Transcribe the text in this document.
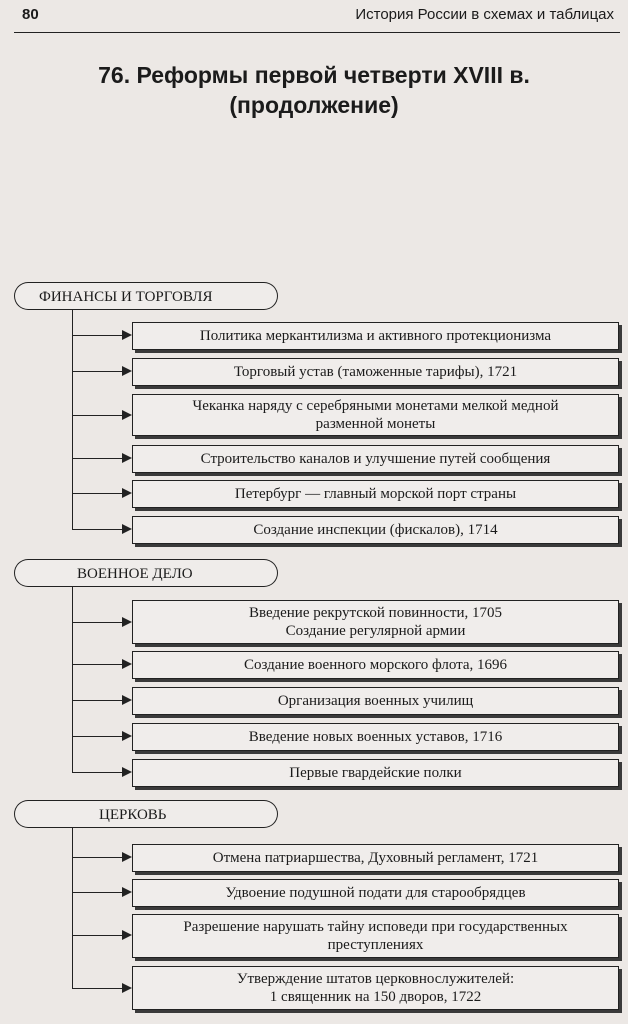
80	История России в схемах и таблицах
76. Реформы первой четверти XVIII в.
(продолжение)
ФИНАНСЫ И ТОРГОВЛЯ
Политика меркантилизма и активного протекционизма
Торговый устав (таможенные тарифы), 1721
Чеканка наряду с серебряными монетами мелкой медной
разменной монеты
Строительство каналов и улучшение путей сообщения
Петербург — главный морской порт страны
Создание инспекции (фискалов), 1714
ВОЕННОЕ ДЕЛО
Введение рекрутской повинности, 1705
Создание регулярной армии
Создание военного морского флота, 1696
Организация военных училищ
Введение новых военных уставов, 1716
Первые гвардейские полки
ЦЕРКОВЬ
Отмена патриаршества, Духовный регламент, 1721
Удвоение подушной подати для старообрядцев
Разрешение нарушать тайну исповеди при государственных
преступлениях
Утверждение штатов церковнослужителей:
1 священник на 150 дворов, 1722
